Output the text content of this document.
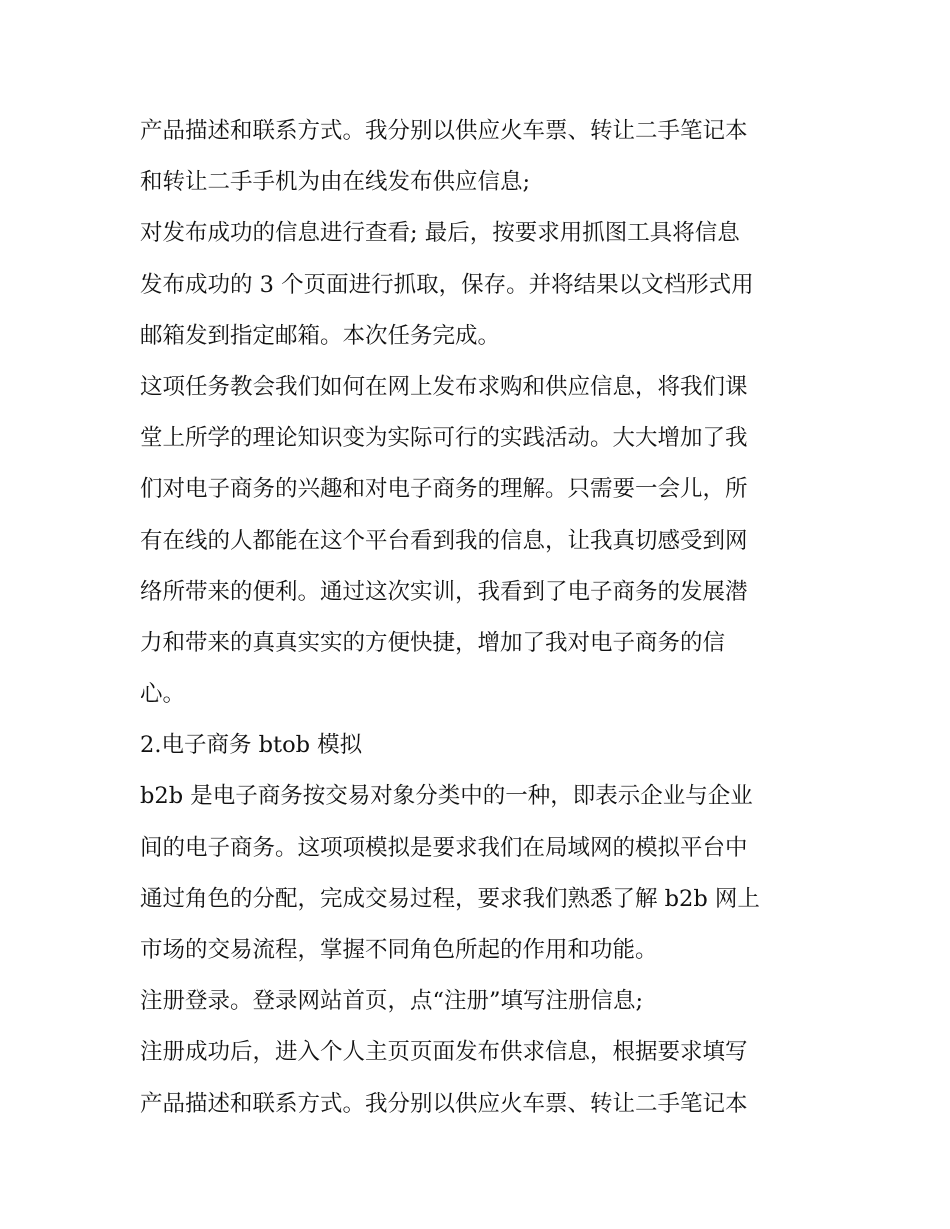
产品描述和联系方式。我分别以供应火车票、转让二手笔记本

和转让二手手机为由在线发布供应信息;

对发布成功的信息进行查看; 最后，按要求用抓图工具将信息

发布成功的 3 个页面进行抓取，保存。并将结果以文档形式用

邮箱发到指定邮箱。本次任务完成。

这项任务教会我们如何在网上发布求购和供应信息，将我们课

堂上所学的理论知识变为实际可行的实践活动。大大增加了我

们对电子商务的兴趣和对电子商务的理解。只需要一会儿，所

有在线的人都能在这个平台看到我的信息，让我真切感受到网

络所带来的便利。通过这次实训，我看到了电子商务的发展潜

力和带来的真真实实的方便快捷，增加了我对电子商务的信

心。

2.电子商务 btob 模拟

b2b 是电子商务按交易对象分类中的一种，即表示企业与企业

间的电子商务。这项项模拟是要求我们在局域网的模拟平台中

通过角色的分配，完成交易过程，要求我们熟悉了解 b2b 网上

市场的交易流程，掌握不同角色所起的作用和功能。

注册登录。登录网站首页，点“注册”填写注册信息;

注册成功后，进入个人主页页面发布供求信息，根据要求填写

产品描述和联系方式。我分别以供应火车票、转让二手笔记本
